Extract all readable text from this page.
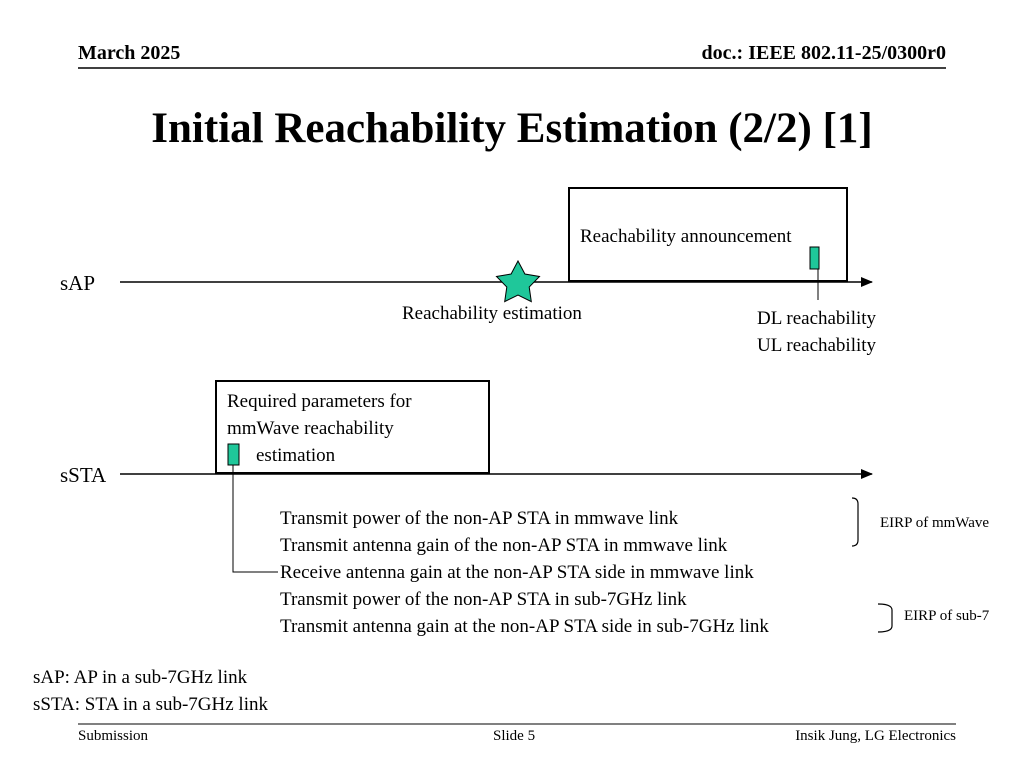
March 2025	doc.: IEEE 802.11-25/0300r0
Initial Reachability Estimation (2/2) [1]
sAP
sSTA
Reachability announcement
Reachability estimation	DL reachability
UL reachability
Required parameters for
mmWave reachability
estimation
Transmit power of the non-AP STA in mmwave link
Transmit antenna gain of the non-AP STA in mmwave link
Receive antenna gain at the non-AP STA side in mmwave link
Transmit power of the non-AP STA in sub-7GHz link
Transmit antenna gain at the non-AP STA side in sub-7GHz link
EIRP of mmWave
EIRP of sub-7
sAP: AP in a sub-7GHz link
sSTA: STA in a sub-7GHz link
Submission	Slide 5	Insik Jung, LG Electronics
